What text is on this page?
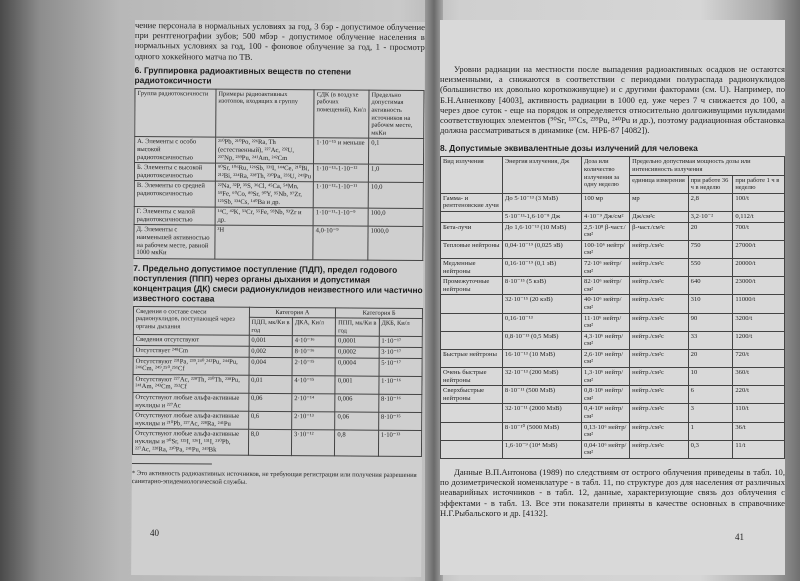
чение персонала в нормальных условиях за год, 3 бэр - допустимое облучение при рентгенографии зубов; 500 мбэр - допустимое облучение населения в нормальных условиях за год, 100 - фоновое облучение за год, 1 - просмотр одного хоккейного матча по ТВ.

6. Группировка радиоактивных веществ по степени радиотоксичности
Группа радиотоксичности	Примеры радиоактивных изотопов, входящих в группу	СДК (в воздухе рабочих помещений), Ки/л	Предельно допустимая активность источников на рабочем месте, мкКи
А. Элементы с особо высокой радиотоксичностью	²¹⁰Pb, ²¹⁰Po, ²²⁶Ra, Th (естественный), ²²⁷Ac, ²³²U, ²³⁷Np, ²³⁹Pu, ²⁴¹Am, ²⁴²Cm	1·10⁻¹⁵ и меньше	0,1
Б. Элементы с высокой радиотоксичностью	⁹⁰Sr, ¹⁰⁶Ru, ¹²⁶Sb, ¹³¹I, ¹⁴⁴Ce, ²¹⁰Bi, ²¹²Bi, ²²⁴Ra, ²²⁸Th, ²³⁰Pa, ²³⁵U, ²⁴¹Pu	1·10⁻¹³-1·10⁻¹²	1,0
В. Элементы со средней радиотоксичностью	²²Na, ³²P, ³⁵S, ³⁶Cl, ⁴⁵Ca, ⁵⁴Mn, ⁵⁹Fe, ⁶⁰Co, ⁸⁹Sr, ⁹⁰Y, ⁹⁵Nb, ⁹⁷Zr, ¹²⁵Sb, ¹³⁴Cs, ¹⁴⁰Ba и др.	1·10⁻¹²-1·10⁻¹¹	10,0
Г. Элементы с малой радиотоксичностью	¹⁴C, ⁴²K, ⁵¹Cr, ⁵⁵Fe, ⁹³Nb, ⁹³Zr и др.	1·10⁻¹¹-1·10⁻⁹	100,0
Д. Элементы с наименьшей активностью на рабочем месте, равной 1000 мкКи	³H	4,0·10⁻⁹	1000,0
7. Предельно допустимое поступление (ПДП), предел годового поступления (ППП) через органы дыхания и допустимая концентрация (ДК) смеси радионуклидов неизвестного или частично известного состава
Сведения о составе смеси радионуклидов, поступающей через органы дыхания	Категория А		Категория Б	
	ПДП, мк/Ки в год	ДКА, Ки/л	ППП, мк/Ки в год	ДКБ, Ки/л
Сведения отсутствуют	0,001	4·10⁻¹⁶	0,0001	1·10⁻¹⁷
Отсутствует ²⁴⁸Cm	0,002	8·10⁻¹⁶	0,0002	3·10⁻¹⁷
Отсутствуют ²³¹Pa, ²³⁹,²⁴⁰,²⁴²Pu, ²⁴⁴Pu, ²⁴⁶Cm, ²⁴⁹,²⁵⁰,²⁵¹Cf	0,004	2·10⁻¹⁵	0,0004	5·10⁻¹⁷
Отсутствуют ²²⁷Ac, ²²⁸Th, ²³⁰Th, ²³⁸Pu, ²⁴¹Am, ²⁴³Cm, ²⁵²Cf	0,01	4·10⁻¹⁵	0,001	1·10⁻¹⁶
Отсутствуют любые альфа-активные нуклиды и ²²⁷Ac	0,06	2·10⁻¹⁴	0,006	8·10⁻¹⁶
Отсутствуют любые альфа-активные нуклиды и ²¹⁰Pb, ²²⁷Ac, ²²⁸Ra, ²⁴¹Pu	0,6	2·10⁻¹³	0,06	8·10⁻¹⁵
Отсутствуют любые альфа-активные нуклиды и ⁹⁰Sr, ¹²⁵I, ¹²⁶I, ¹³¹I, ²¹⁰Pb, ²²⁷Ac, ²²⁸Ra, ²³⁰Pa, ²⁴¹Pu, ²⁴⁹Bk	8,0	3·10⁻¹²	0,8	1·10⁻¹³

* Это активность радиоактивных источников, не требующая регистрации или получения разрешения санитарно-эпидемиологической службы.

40

Уровни радиации на местности после выпадения радиоактивных осадков не остаются неизменными, а снижаются в соответствии с периодами полураспада радионуклидов (большинство их довольно короткоживущие) и с другими факторами (см. U). Например, по Б.Н.Анненкову [4003], активность радиации в 1000 ед. уже через 7 ч снижается до 100, а через двое суток - еще на порядок и определяется относительно долгоживущими нуклидами соответствующих элементов (⁹⁰Sr, ¹³⁷Cs, ²³⁹Pu, ²⁴⁰Pu и др.), поэтому радиационная обстановка должна рассматриваться в динамике (см. НРБ-87 [4082]).

8. Допустимые эквивалентные дозы излучений для человека
Вид излучения	Энергия излучения, Дж	Доза или количество излучения за одну неделю	Предельно допустимая мощность дозы или интенсивность излучения		
			единица измерения	при работе 36 ч в неделю	при работе 1 ч в неделю
Гамма- и рентгеновские лучи	До 5·10⁻¹³ (3 МэВ)	100 мр	мр	2,8	100/t
	5·10⁻¹³-1,6·10⁻⁸ Дж	4·10⁻⁹ Дж/см²	Дж/см²с	3,2·10⁻²	0,112/t
Бета-лучи	До 1,6·10⁻¹³ (10 МэВ)	2,5·10⁸ β-част./см²	β-част./см²с	20	700/t
Тепловые нейтроны	0,04·10⁻¹⁹ (0,025 эВ)	100·10⁶ нейтр/см²	нейтр./см²с	750	27000/t
Медленные нейтроны	0,16·10⁻¹⁹ (0,1 эВ)	72·10⁶ нейтр/см²	нейтр./см²с	550	20000/t
Промежуточные нейтроны	8·10⁻¹⁵ (5 кэВ)	82·10⁶ нейтр/см²	нейтр./см²с	640	23000/t
	32·10⁻¹⁵ (20 кэВ)	40·10⁶ нейтр/см²	нейтр./см²с	310	11000/t
	0,16·10⁻¹³	11·10⁶ нейтр/см²	нейтр./см²с	90	3200/t
	0,8·10⁻¹³ (0,5 МэВ)	4,3·10⁶ нейтр/см²	нейтр./см²с	33	1200/t
Быстрые нейтроны	16·10⁻¹³ (10 МэВ)	2,6·10⁶ нейтр/см²	нейтр./см²с	20	720/t
Очень быстрые нейтроны	32·10⁻¹³ (200 МэВ)	1,3·10⁶ нейтр/см²	нейтр./см²с	10	360/t
Сверхбыстрые нейтроны	8·10⁻¹¹ (500 МэВ)	0,8·10⁶ нейтр/см²	нейтр./см²с	6	220/t
	32·10⁻¹¹ (2000 МэВ)	0,4·10⁶ нейтр/см²	нейтр./см²с	3	110/t
	8·10⁻¹⁰ (5000 МэВ)	0,13·10⁶ нейтр/см²	нейтр./см²с	1	36/t
	1,6·10⁻⁹ (10⁴ МэВ)	0,04·10⁶ нейтр/см²	нейтр./см²с	0,3	11/t

Данные В.П.Антонова (1989) по следствиям от острого облучения приведены в табл. 10, по дозиметрической номенклатуре - в табл. 11, по структуре доз для населения от различных неаварийных источников - в табл. 12, данные, характеризующие связь доз облучения с эффектами - в табл. 13. Все эти показатели приняты в качестве основных в справочнике Н.Г.Рыбальского и др. [4132].

41
